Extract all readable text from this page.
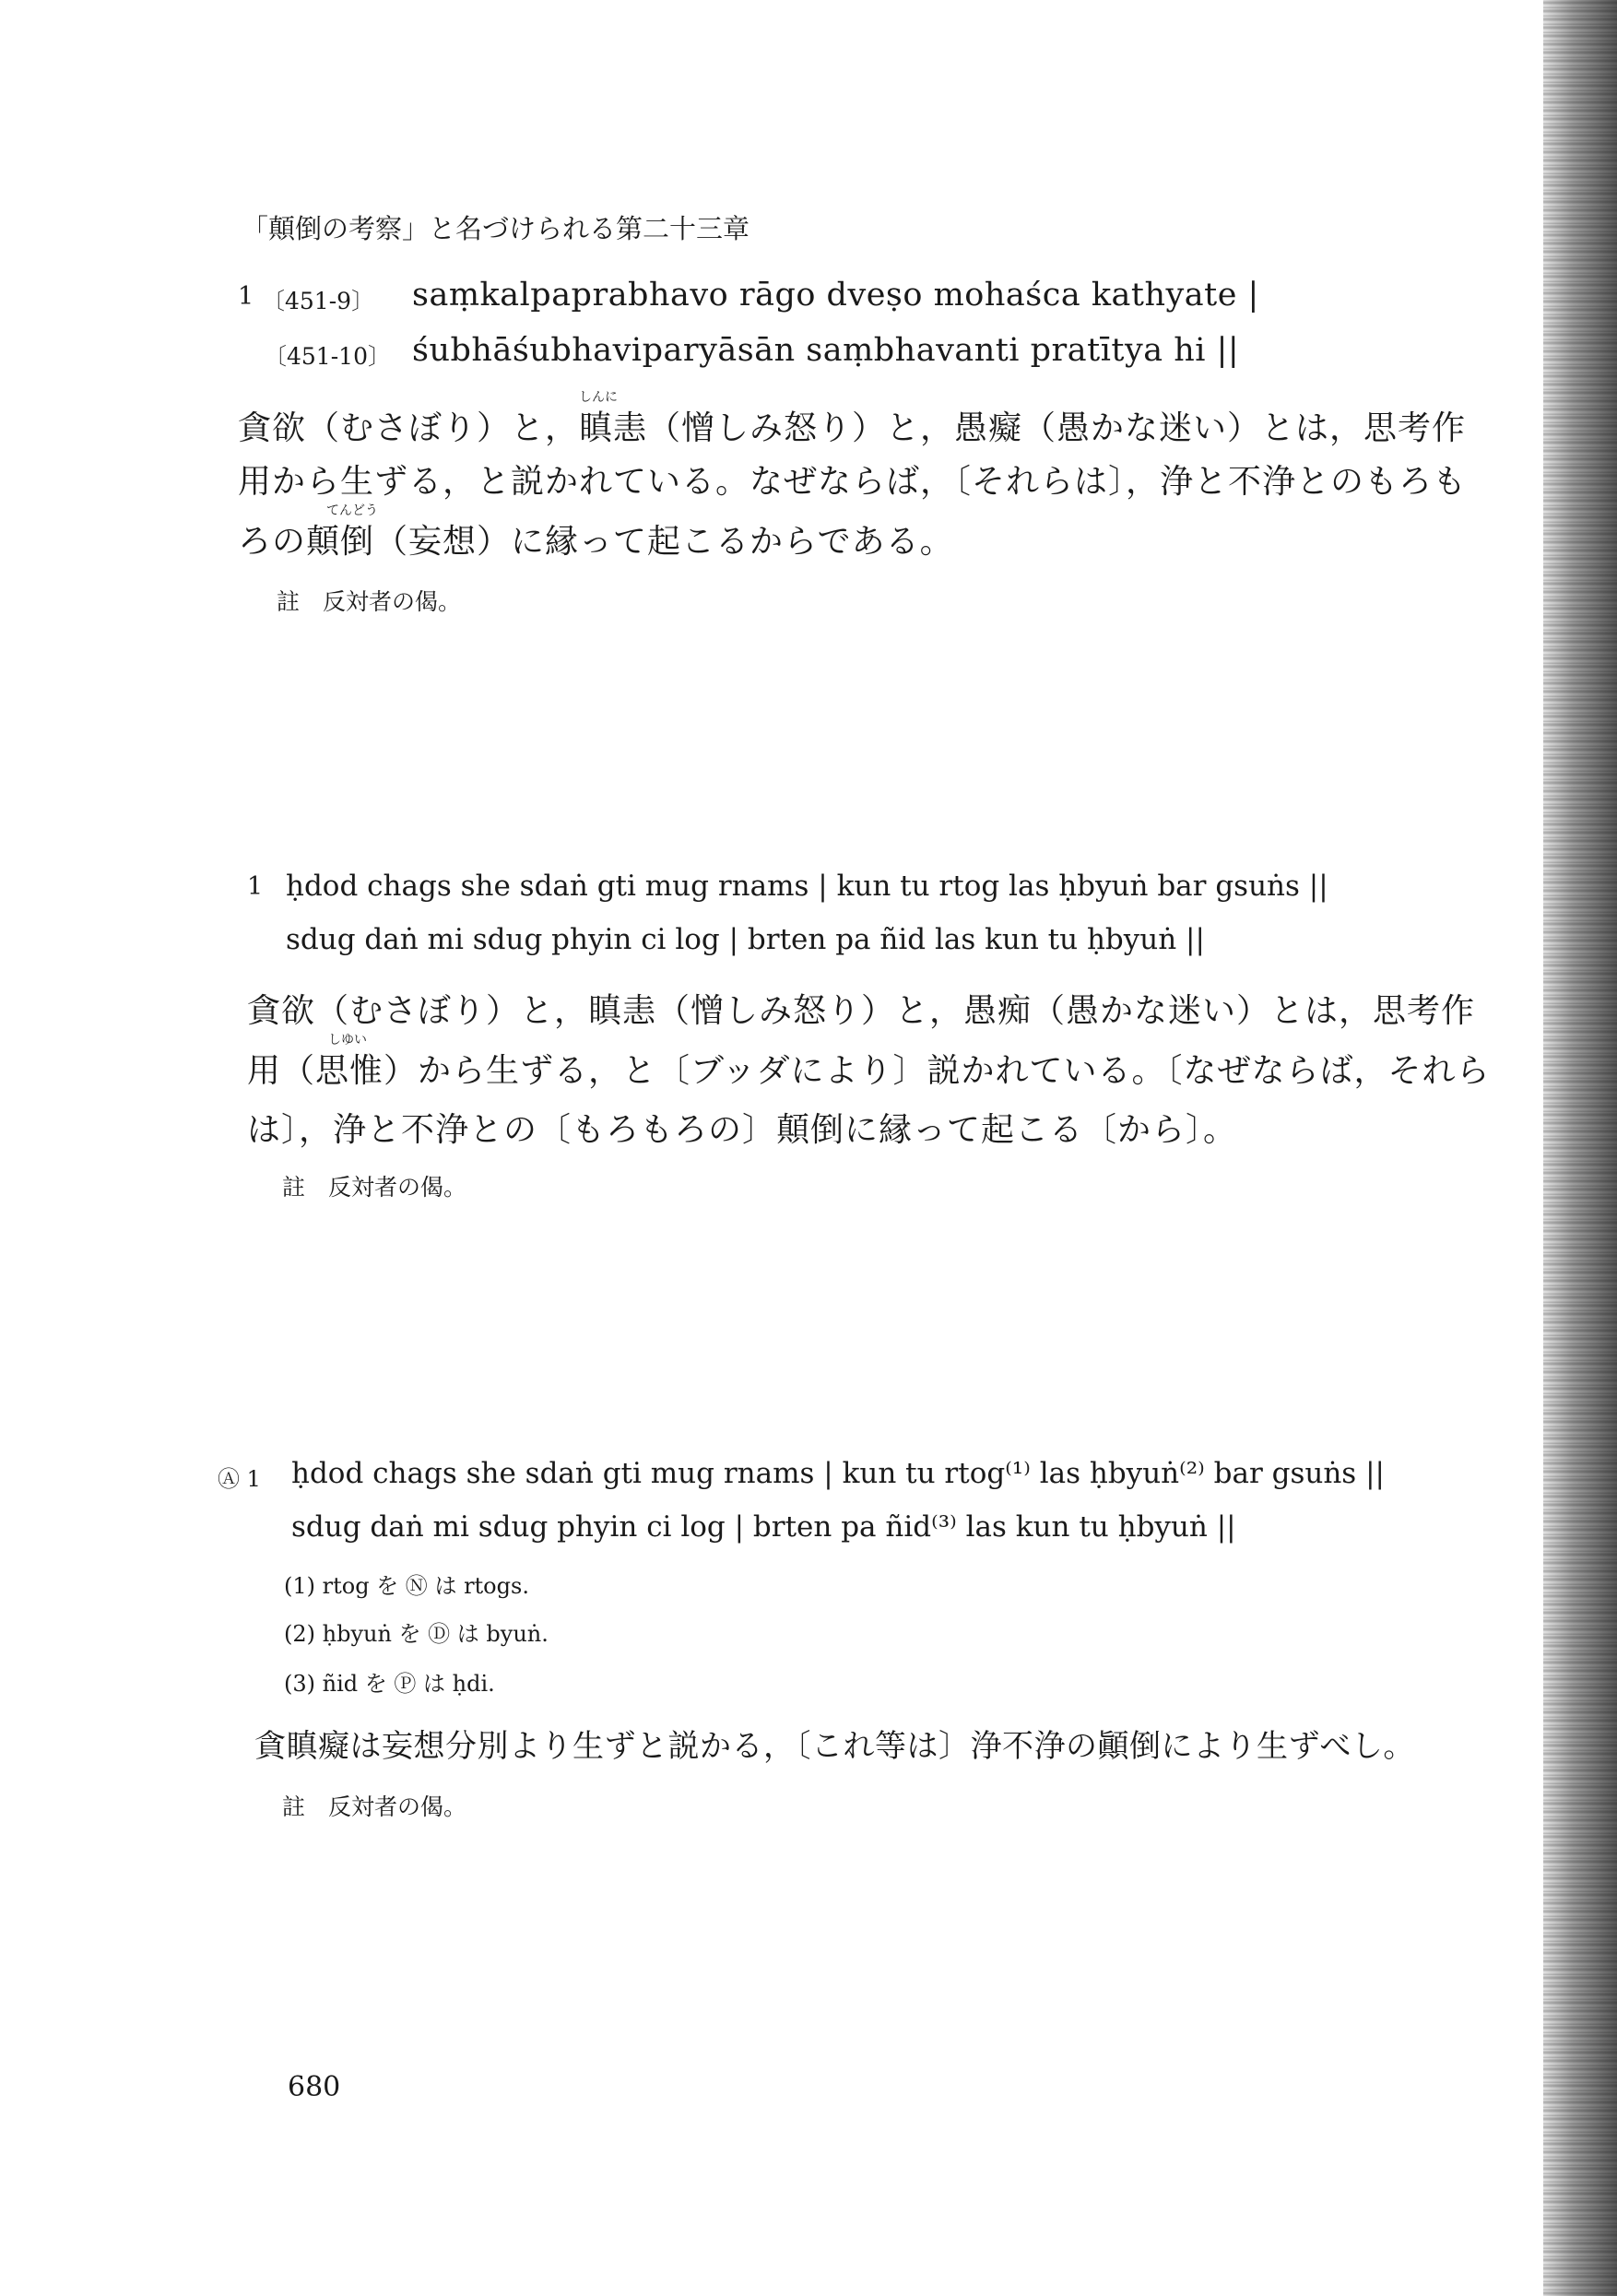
「顛倒の考察」と名づけられる第二十三章
1 〔451-9〕 saṃkalpaprabhavo rāgo dveṣo mohaśca kathyate |
〔451-10〕 śubhāśubhaviparyāsān saṃbhavanti pratītya hi ||
しんに
貪欲（むさぼり）と，瞋恚（憎しみ怒り）と，愚癡（愚かな迷い）とは，思考作
用から生ずる，と説かれている。なぜならば，〔それらは〕，浄と不浄とのもろも
てんどう
ろの顛倒（妄想）に縁って起こるからである。
註　反対者の偈。
1 ḥdod chags she sdaṅ gti mug rnams | kun tu rtog las ḥbyuṅ bar gsuṅs ||
sdug daṅ mi sdug phyin ci log | brten pa ñid las kun tu ḥbyuṅ ||
貪欲（むさぼり）と，瞋恚（憎しみ怒り）と，愚痴（愚かな迷い）とは，思考作
しゆい
用（思惟）から生ずる，と〔ブッダにより〕説かれている。〔なぜならば，それら
は〕，浄と不浄との〔もろもろの〕顛倒に縁って起こる〔から〕。
註　反対者の偈。
Ⓐ 1 ḥdod chags she sdaṅ gti mug rnams | kun tu rtog⁽¹⁾ las ḥbyuṅ⁽²⁾ bar gsuṅs ||
sdug daṅ mi sdug phyin ci log | brten pa ñid⁽³⁾ las kun tu ḥbyuṅ ||
(1) rtog を Ⓝ は rtogs.
(2) ḥbyuṅ を Ⓓ は byuṅ.
(3) ñid を Ⓟ は ḥdi.
貪瞋癡は妄想分別より生ずと説かる，〔これ等は〕浄不浄の顚倒により生ずべし。
註　反対者の偈。
680
